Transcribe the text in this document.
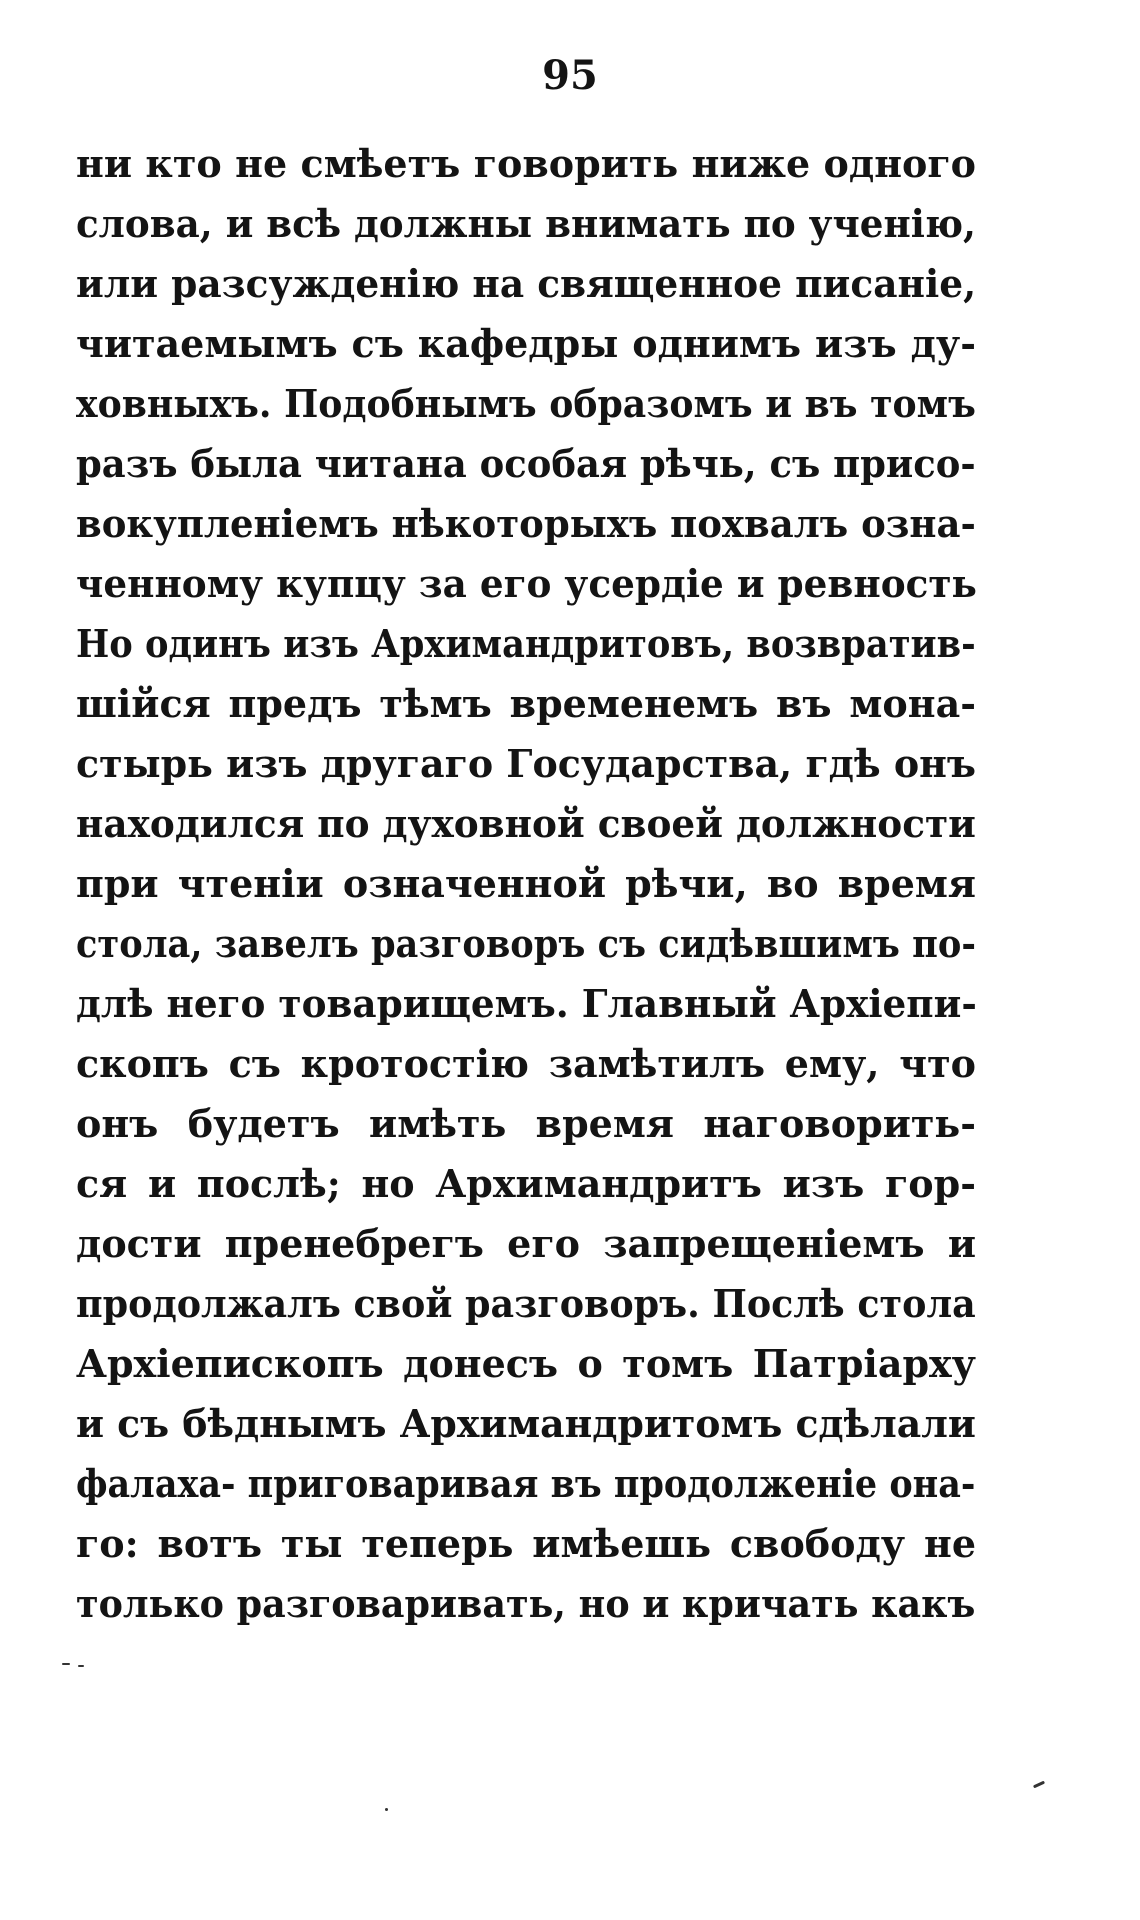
95
ни кто не смѣетъ говорить ниже одного
слова, и всѣ должны внимать по ученію,
или разсужденію на священное писаніе,
читаемымъ съ кафедры однимъ изъ ду-
ховныхъ. Подобнымъ образомъ и въ томъ
разъ была читана особая рѣчь, съ присо-
вокупленіемъ нѣкоторыхъ похвалъ озна-
ченному купцу за его усердіе и ревность
Но одинъ изъ Архимандритовъ, возвратив-
шійся предъ тѣмъ временемъ въ мона-
стырь изъ другаго Государства, гдѣ онъ
находился по духовной своей должности
при чтеніи означенной рѣчи, во время
стола, завелъ разговоръ съ сидѣвшимъ по-
длѣ него товарищемъ. Главный Архіепи-
скопъ съ кротостію замѣтилъ ему, что
онъ будетъ имѣть время наговорить-
ся и послѣ; но Архимандритъ изъ гор-
дости пренебрегъ его запрещеніемъ и
продолжалъ свой разговоръ. Послѣ стола
Архіепископъ донесъ о томъ Патріарху
и съ бѣднымъ Архимандритомъ сдѣлали
фалаха- приговаривая въ продолженіе она-
го: вотъ ты теперь имѣешь свободу не
только разговаривать, но и кричать какъ
